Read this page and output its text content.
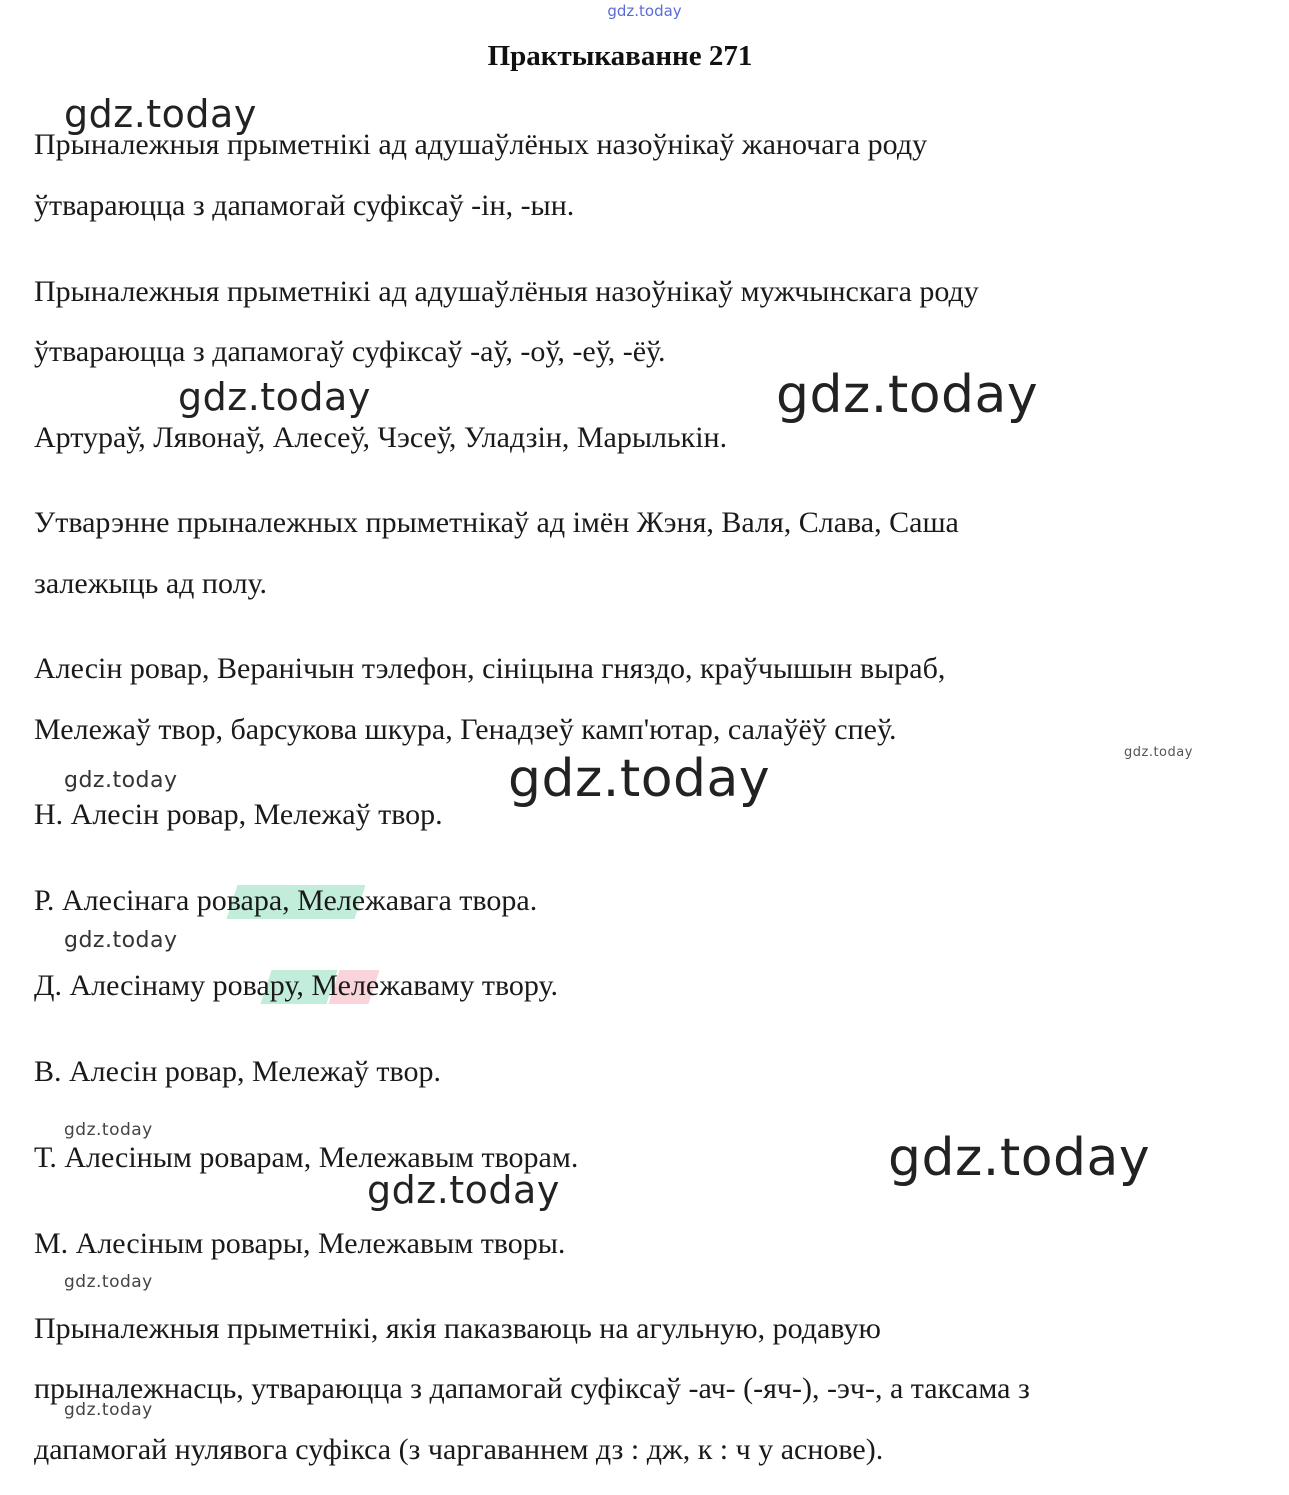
gdz.today
Практыкаванне 271
Прыналежныя прыметнікі ад адушаўлёных назоўнікаў жаночага роду
ўтвараюцца з дапамогай суфіксаў -ін, -ын.
Прыналежныя прыметнікі ад адушаўлёныя назоўнікаў мужчынскага роду
ўтвараюцца з дапамогаў суфіксаў -аў, -оў, -еў, -ёў.
Артураў, Лявонаў, Алесеў, Чэсеў, Уладзін, Марылькін.
Утварэнне прыналежных прыметнікаў ад імён Жэня, Валя, Слава, Саша
залежыць ад полу.
Алесін ровар, Веранічын тэлефон, сініцына гняздо, краўчышын выраб,
Мележаў твор, барсукова шкура, Генадзеў камп'ютар, салаўёў спеў.
Н. Алесін ровар, Мележаў твор.
Р. Алесінага ровара, Мележавага твора.
Д. Алесінаму ровару, Мележаваму твору.
В. Алесін ровар, Мележаў твор.
Т. Алесіным роварам, Мележавым творам.
М. Алесіным ровары, Мележавым творы.
Прыналежныя прыметнікі, якія паказваюць на агульную, родавую
прыналежнасць, утвараюцца з дапамогай суфіксаў -ач- (-яч-), -эч-, а таксама з
дапамогай нулявога суфікса (з чаргаваннем дз : дж, к : ч у аснове).
gdz.today
gdz.today	gdz.today
gdz.today
gdz.today	gdz.today
gdz.today
gdz.today	gdz.today
gdz.today
gdz.today
gdz.today
